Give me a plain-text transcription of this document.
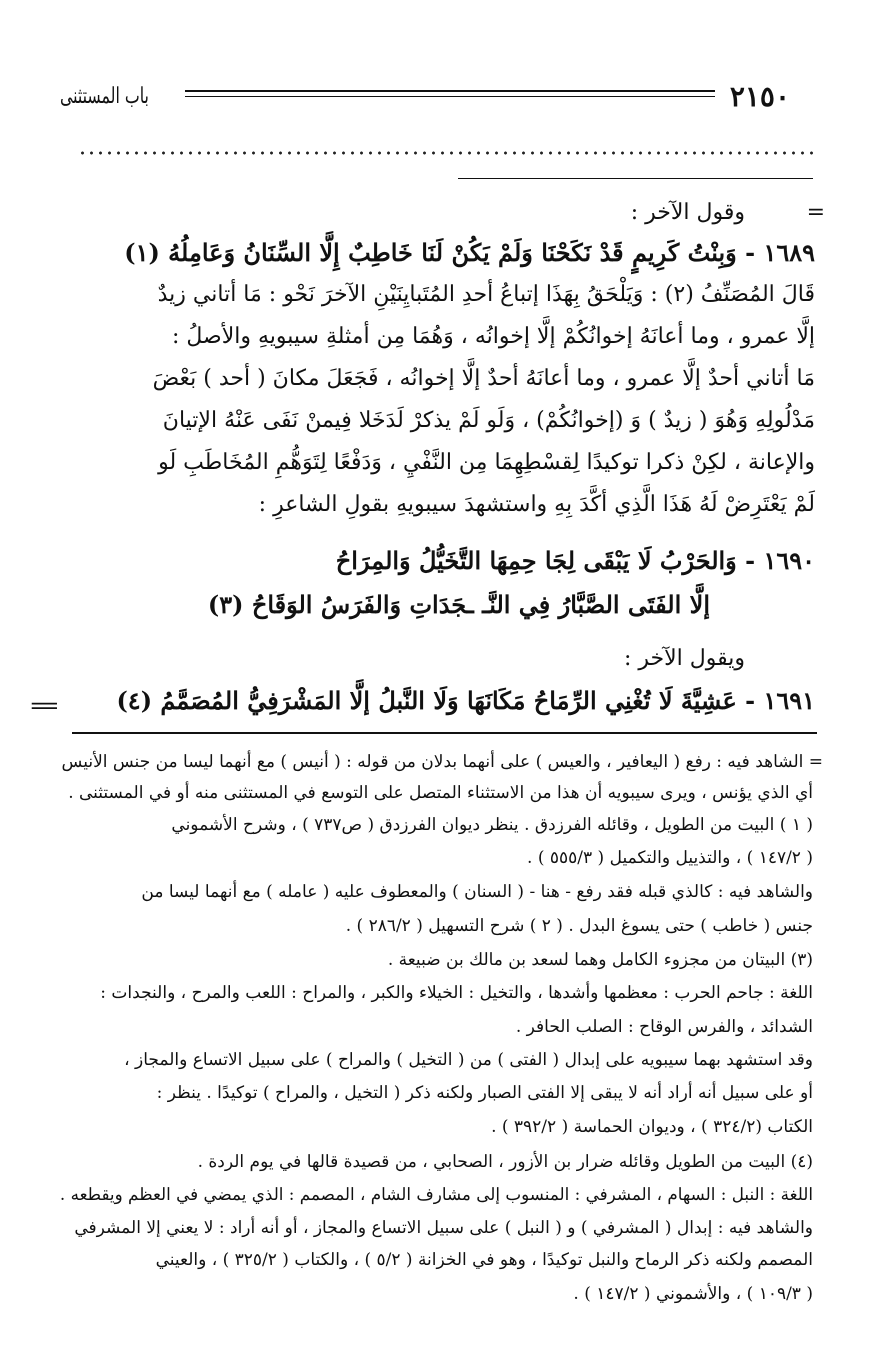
باب المستثنى	٢١٥٠
=
=
وقول الآخر :
١٦٨٩ - وَبِنْتُ كَرِيمٍ قَدْ نَكَحْنَا وَلَمْ يَكُنْ لَنَا خَاطِبٌ إِلَّا السِّنَانُ وَعَامِلُهُ (١)
قَالَ المُصَنِّفُ (٢) : وَيَلْحَقُ بِهَذَا إتباعُ أحدِ المُتَبايِنَيْنِ الآخرَ نَحْو : مَا أتاني زيدٌ
إلَّا عمرو ، وما أعانَهُ إخوانُكُمْ إلَّا إخوانُه ، وَهُمَا مِن أمثلةِ سيبويهِ والأصلُ :
مَا أتاني أحدٌ إلَّا عمرو ، وما أعانَهُ أحدٌ إلَّا إخوانُه ، فَجَعَلَ مكانَ ( أحد ) بَعْضَ
مَدْلُولِهِ وَهُوَ ( زيدٌ ) وَ (إخوانُكُمْ) ، وَلَو لَمْ يذكرْ لَدَخَلا فِيمنْ نَفَى عَنْهُ الإتيانَ
والإعانة ، لكِنْ ذكرا توكيدًا لِقسْطِهِمَا مِن النَّفْيِ ، وَدَفْعًا لِتَوَهُّمِ المُخَاطَبِ لَو
لَمْ يَعْتَرِضْ لَهُ هَذَا الَّذِي أكَّدَ بِهِ واستشهدَ سيبويهِ بقولِ الشاعرِ :
١٦٩٠ - وَالحَرْبُ لَا يَبْقَى لِجَا حِمِهَا التَّخَيُّلُ وَالمِرَاحُ
إلَّا الفَتَى الصَّبَّارُ فِي النَّـ ـجَدَاتِ وَالفَرَسُ الوَقَاحُ (٣)
ويقول الآخر :
١٦٩١ - عَشِيَّةَ لَا تُغْنِي الرِّمَاحُ مَكَانَهَا وَلَا النَّبلُ إلَّا المَشْرَفِيُّ المُصَمَّمُ (٤)
= الشاهد فيه : رفع ( اليعافير ، والعيس ) على أنهما بدلان من قوله : ( أنيس ) مع أنهما ليسا من جنس الأنيس
أي الذي يؤنس ، ويرى سيبويه أن هذا من الاستثناء المتصل على التوسع في المستثنى منه أو في المستثنى .
( ١ ) البيت من الطويل ، وقائله الفرزدق . ينظر ديوان الفرزدق ( ص٧٣٧ ) ، وشرح الأشموني
( ١٤٧/٢ ) ، والتذييل والتكميل ( ٥٥٥/٣ ) .
والشاهد فيه : كالذي قبله فقد رفع - هنا - ( السنان ) والمعطوف عليه ( عامله ) مع أنهما ليسا من
جنس ( خاطب ) حتى يسوغ البدل . ( ٢ ) شرح التسهيل ( ٢٨٦/٢ ) .
(٣) البيتان من مجزوء الكامل وهما لسعد بن مالك بن ضبيعة .
اللغة : جاحم الحرب : معظمها وأشدها ، والتخيل : الخيلاء والكبر ، والمراح : اللعب والمرح ، والنجدات :
الشدائد ، والفرس الوقاح : الصلب الحافر .
وقد استشهد بهما سيبويه على إبدال ( الفتى ) من ( التخيل ) والمراح ) على سبيل الاتساع والمجاز ،
أو على سبيل أنه أراد أنه لا يبقى إلا الفتى الصبار ولكنه ذكر ( التخيل ، والمراح ) توكيدًا . ينظر :
الكتاب (٣٢٤/٢ ) ، وديوان الحماسة ( ٣٩٢/٢ ) .
(٤) البيت من الطويل وقائله ضرار بن الأزور ، الصحابي ، من قصيدة قالها في يوم الردة .
اللغة : النبل : السهام ، المشرفي : المنسوب إلى مشارف الشام ، المصمم : الذي يمضي في العظم ويقطعه .
والشاهد فيه : إبدال ( المشرفي ) و ( النبل ) على سبيل الاتساع والمجاز ، أو أنه أراد : لا يعني إلا المشرفي
المصمم ولكنه ذكر الرماح والنبل توكيدًا ، وهو في الخزانة ( ٥/٢ ) ، والكتاب ( ٣٢٥/٢ ) ، والعيني
( ١٠٩/٣ ) ، والأشموني ( ١٤٧/٢ ) .
